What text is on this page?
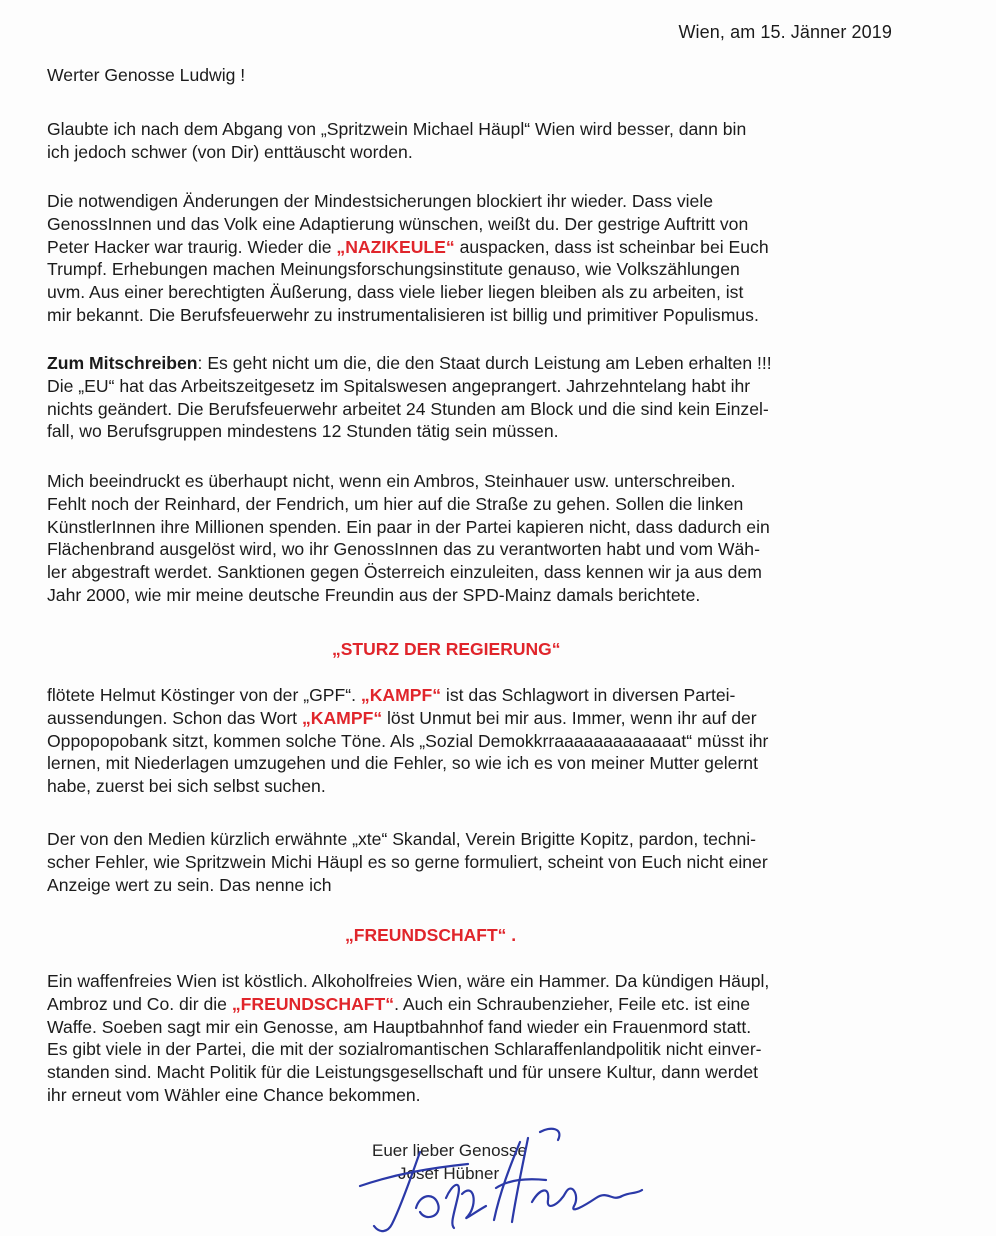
Wien, am 15. Jänner 2019
Werter Genosse Ludwig !
Glaubte ich nach dem Abgang von „Spritzwein Michael Häupl“ Wien wird besser, dann bin
ich jedoch schwer (von Dir) enttäuscht worden.
Die notwendigen Änderungen der Mindestsicherungen blockiert ihr wieder. Dass viele
GenossInnen und das Volk eine Adaptierung wünschen, weißt du. Der gestrige Auftritt von
Peter Hacker war traurig. Wieder die „NAZIKEULE“ auspacken, dass ist scheinbar bei Euch
Trumpf. Erhebungen machen Meinungsforschungsinstitute genauso, wie Volkszählungen
uvm. Aus einer berechtigten Äußerung, dass viele lieber liegen bleiben als zu arbeiten, ist
mir bekannt. Die Berufsfeuerwehr zu instrumentalisieren ist billig und primitiver Populismus.
Zum Mitschreiben: Es geht nicht um die, die den Staat durch Leistung am Leben erhalten !!!
Die „EU“ hat das Arbeitszeitgesetz im Spitalswesen angeprangert. Jahrzehntelang habt ihr
nichts geändert. Die Berufsfeuerwehr arbeitet 24 Stunden am Block und die sind kein Einzel-
fall, wo Berufsgruppen mindestens 12 Stunden tätig sein müssen.
Mich beeindruckt es überhaupt nicht, wenn ein Ambros, Steinhauer usw. unterschreiben.
Fehlt noch der Reinhard, der Fendrich, um hier auf die Straße zu gehen. Sollen die linken
KünstlerInnen ihre Millionen spenden. Ein paar in der Partei kapieren nicht, dass dadurch ein
Flächenbrand ausgelöst wird, wo ihr GenossInnen das zu verantworten habt und vom Wäh-
ler abgestraft werdet. Sanktionen gegen Österreich einzuleiten, dass kennen wir ja aus dem
Jahr 2000, wie mir meine deutsche Freundin aus der SPD-Mainz damals berichtete.
„STURZ DER REGIERUNG“
flötete Helmut Köstinger von der „GPF“. „KAMPF“ ist das Schlagwort in diversen Partei-
aussendungen. Schon das Wort „KAMPF“ löst Unmut bei mir aus. Immer, wenn ihr auf der
Oppopopobank sitzt, kommen solche Töne. Als „Sozial Demokkrraaaaaaaaaaaaat“ müsst ihr
lernen, mit Niederlagen umzugehen und die Fehler, so wie ich es von meiner Mutter gelernt
habe, zuerst bei sich selbst suchen.
Der von den Medien kürzlich erwähnte „xte“ Skandal, Verein Brigitte Kopitz, pardon, techni-
scher Fehler, wie Spritzwein Michi Häupl es so gerne formuliert, scheint von Euch nicht einer
Anzeige wert zu sein. Das nenne ich
„FREUNDSCHAFT“ .
Ein waffenfreies Wien ist köstlich. Alkoholfreies Wien, wäre ein Hammer. Da kündigen Häupl,
Ambroz und Co. dir die „FREUNDSCHAFT“. Auch ein Schraubenzieher, Feile etc. ist eine
Waffe. Soeben sagt mir ein Genosse, am Hauptbahnhof fand wieder ein Frauenmord statt.
Es gibt viele in der Partei, die mit der sozialromantischen Schlaraffenlandpolitik nicht einver-
standen sind. Macht Politik für die Leistungsgesellschaft und für unsere Kultur, dann werdet
ihr erneut vom Wähler eine Chance bekommen.
Euer lieber Genosse
Josef Hübner
